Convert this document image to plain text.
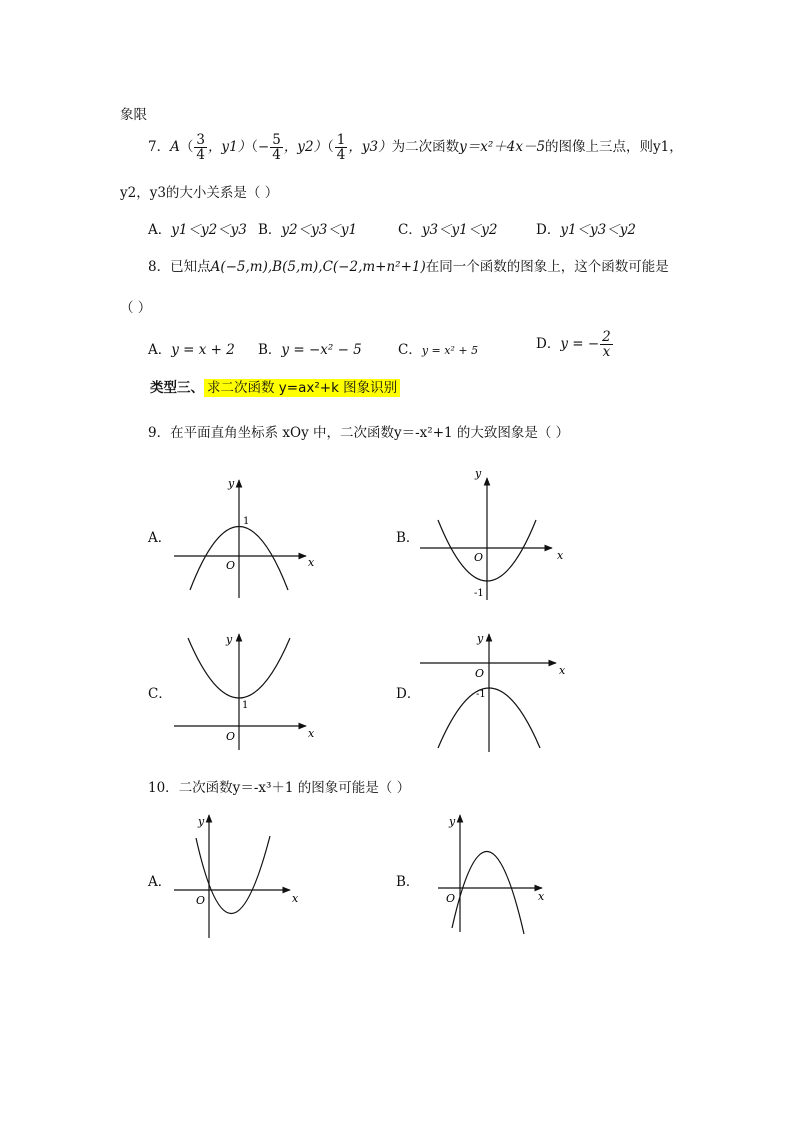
象限
7．$A( \frac{3}{4}$ ，$y1)(- \frac{5}{4}$ ，$y2)( \frac{1}{4}$ ，y3）为二次函数y＝x²＋4x－5的图像上三点，则y1，
y2，y3的大小关系是（ ）
A．y1＜y2＜y3 B．y2＜y3＜y1	C．y3＜y1＜y2	D．y1＜y3＜y2
8．已知点A(−5,m),B(5,m),C(−2,m+n²+1)在同一个函数的图象上，这个函数可能是
（ ）
A．y = x + 2 B．y = −x² − 5	C．y = x² + 5	D．y = − $\frac{2}{x}$
类型三、 求二次函数 y=ax²+k 图象识别
9．在平面直角坐标系 xOy 中，二次函数y＝-x²+1 的大致图象是（ ）
A．	B．
C．	D．
y
x
O
1
y
x
O
-1
y
x
O
1
y
x
O
-1
y
x
O
y
x
O
10．二次函数y＝-x³＋1 的图象可能是（ ）
A．	B．
